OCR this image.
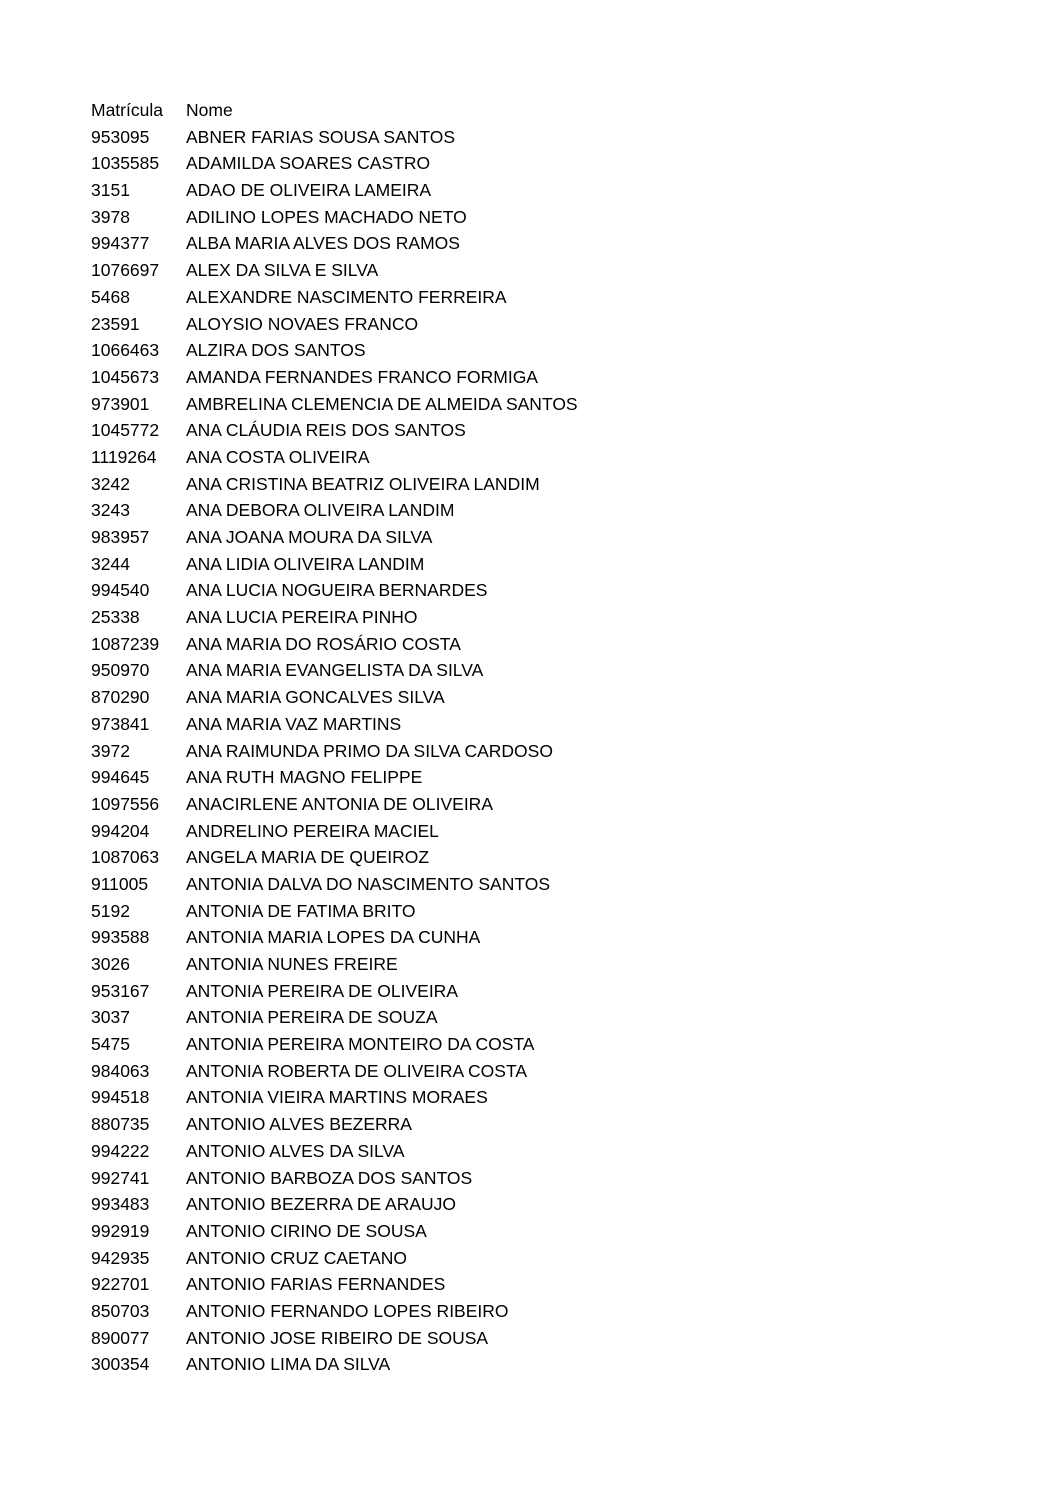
Matrícula	Nome
953095	ABNER FARIAS SOUSA SANTOS
1035585	ADAMILDA SOARES CASTRO
3151	ADAO DE OLIVEIRA LAMEIRA
3978	ADILINO LOPES MACHADO NETO
994377	ALBA MARIA ALVES DOS RAMOS
1076697	ALEX DA SILVA E SILVA
5468	ALEXANDRE NASCIMENTO FERREIRA
23591	ALOYSIO NOVAES FRANCO
1066463	ALZIRA DOS SANTOS
1045673	AMANDA FERNANDES FRANCO FORMIGA
973901	AMBRELINA CLEMENCIA DE ALMEIDA SANTOS
1045772	ANA CLÁUDIA REIS DOS SANTOS
1119264	ANA COSTA OLIVEIRA
3242	ANA CRISTINA BEATRIZ OLIVEIRA LANDIM
3243	ANA DEBORA OLIVEIRA LANDIM
983957	ANA JOANA MOURA DA SILVA
3244	ANA LIDIA OLIVEIRA LANDIM
994540	ANA LUCIA NOGUEIRA BERNARDES
25338	ANA LUCIA PEREIRA PINHO
1087239	ANA MARIA DO ROSÁRIO COSTA
950970	ANA MARIA EVANGELISTA DA SILVA
870290	ANA MARIA GONCALVES SILVA
973841	ANA MARIA VAZ MARTINS
3972	ANA RAIMUNDA PRIMO DA SILVA CARDOSO
994645	ANA RUTH MAGNO FELIPPE
1097556	ANACIRLENE ANTONIA DE OLIVEIRA
994204	ANDRELINO PEREIRA MACIEL
1087063	ANGELA MARIA DE QUEIROZ
911005	ANTONIA DALVA DO NASCIMENTO SANTOS
5192	ANTONIA DE FATIMA BRITO
993588	ANTONIA MARIA LOPES DA CUNHA
3026	ANTONIA NUNES FREIRE
953167	ANTONIA PEREIRA DE OLIVEIRA
3037	ANTONIA PEREIRA DE SOUZA
5475	ANTONIA PEREIRA MONTEIRO DA COSTA
984063	ANTONIA ROBERTA DE OLIVEIRA COSTA
994518	ANTONIA VIEIRA MARTINS MORAES
880735	ANTONIO ALVES BEZERRA
994222	ANTONIO ALVES DA SILVA
992741	ANTONIO BARBOZA DOS SANTOS
993483	ANTONIO BEZERRA DE ARAUJO
992919	ANTONIO CIRINO DE SOUSA
942935	ANTONIO CRUZ CAETANO
922701	ANTONIO FARIAS FERNANDES
850703	ANTONIO FERNANDO LOPES RIBEIRO
890077	ANTONIO JOSE RIBEIRO DE SOUSA
300354	ANTONIO LIMA DA SILVA
